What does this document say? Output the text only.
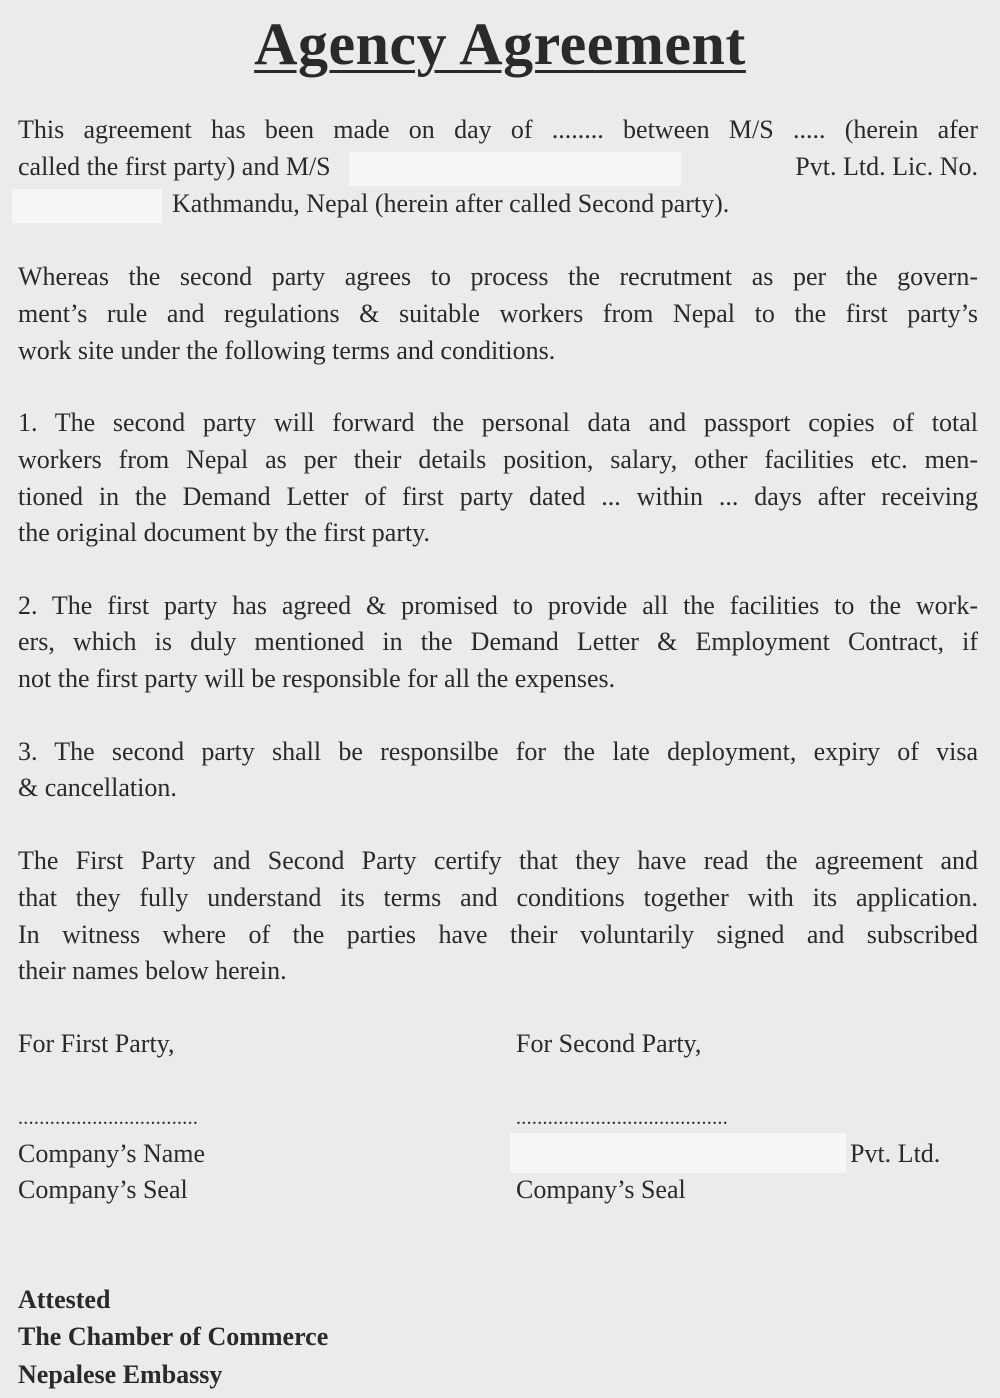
Agency Agreement
This agreement has been made on day of ........ between M/S ..... (herein afer
called the first party) and M/S	Pvt. Ltd. Lic. No.
Kathmandu, Nepal (herein after called Second party).
Whereas the second party agrees to process the recrutment as per the govern-
ment’s rule and regulations & suitable workers from Nepal to the first party’s
work site under the following terms and conditions.
1. The second party will forward the personal data and passport copies of total
workers from Nepal as per their details position, salary, other facilities etc. men-
tioned in the Demand Letter of first party dated ... within ... days after receiving
the original document by the first party.
2. The first party has agreed & promised to provide all the facilities to the work-
ers, which is duly mentioned in the Demand Letter & Employment Contract, if
not the first party will be responsible for all the expenses.
3. The second party shall be responsilbe for the late deployment, expiry of visa
& cancellation.
The First Party and Second Party certify that they have read the agreement and
that they fully understand its terms and conditions together with its application.
In witness where of the parties have their voluntarily signed and subscribed
their names below herein.
For First Party,	For Second Party,
..................................	........................................
Company’s Name	Pvt. Ltd.
Company’s Seal	Company’s Seal
Attested
The Chamber of Commerce
Nepalese Embassy
